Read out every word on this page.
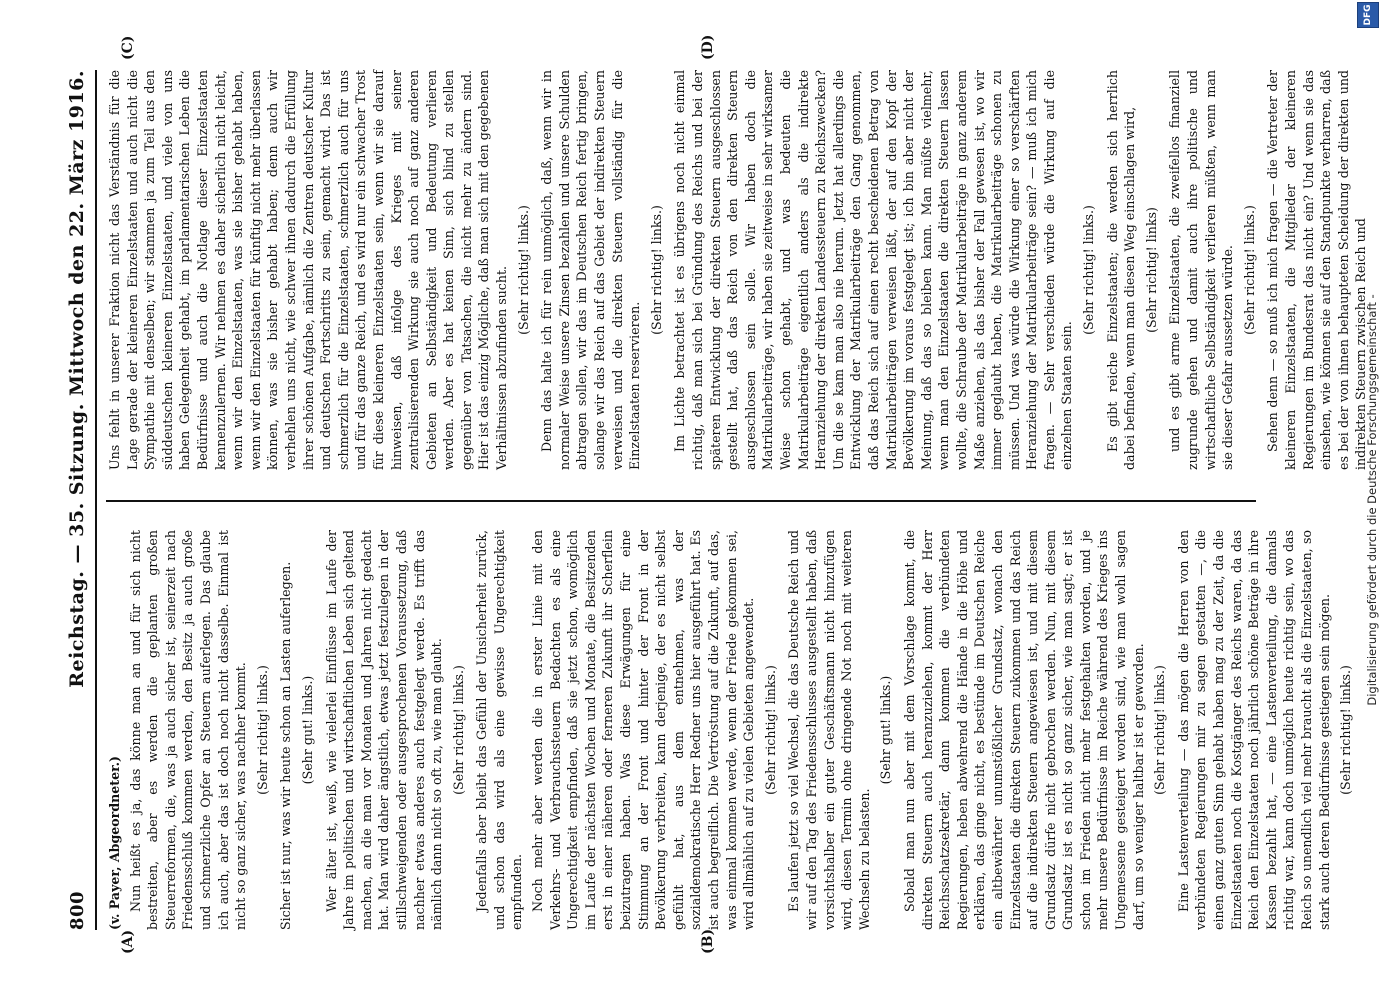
800
Reichstag. — 35. Sitzung. Mittwoch den 22. März 1916.
(A)	(B)
(C)	(D)

(v. Payer, Abgeordneter.) Nun heißt es ja, das könne man an und für sich nicht bestreiten, aber es werden die geplanten großen Steuerreformen, die, was ja auch sicher ist, seinerzeit nach Friedensschluß kommen werden, den Besitz ja auch große und schmerzliche Opfer an Steuern auferlegen. Das glaube ich auch, aber das ist doch noch nicht dasselbe. Einmal ist nicht so ganz sicher, was nachher kommt. (Sehr richtig! links.) Sicher ist nur, was wir heute schon an Lasten auferlegen. (Sehr gut! links.) Wer älter ist, weiß, wie vielerlei Einflüsse im Laufe der Jahre im politischen und wirtschaftlichen Leben sich geltend machen, an die man vor Monaten und Jahren nicht gedacht hat. Man wird daher ängstlich, etwas jetzt festzulegen in der stillschweigenden oder ausgesprochenen Voraussetzung, daß nachher etwas anderes auch festgelegt werde. Es trifft das nämlich dann nicht so oft zu, wie man glaubt. (Sehr richtig! links.) Jedenfalls aber bleibt das Gefühl der Unsicherheit zurück, und schon das wird als eine gewisse Ungerechtigkeit empfunden. Noch mehr aber werden die in erster Linie mit den Verkehrs- und Verbrauchssteuern Bedachten es als eine Ungerechtigkeit empfinden, daß sie jetzt schon, womöglich im Laufe der nächsten Wochen und Monate, die Besitzenden erst in einer näheren oder ferneren Zukunft ihr Scherflein beizutragen haben. Was diese Erwägungen für eine Stimmung an der Front und hinter der Front in der Bevölkerung verbreiten, kann derjenige, der es nicht selbst gefühlt hat, aus dem entnehmen, was der sozialdemokratische Herr Redner uns hier ausgeführt hat. Es ist auch begreiflich. Die Vertröstung auf die Zukunft, auf das, was einmal kommen werde, wenn der Friede gekommen sei, wird allmählich auf zu vielen Gebieten angewendet. (Sehr richtig! links.) Es laufen jetzt so viel Wechsel, die das Deutsche Reich und wir auf den Tag des Friedensschlusses ausgestellt haben, daß vorsichtshalber ein guter Geschäftsmann nicht hinzufügen wird, diesen Termin ohne dringende Not noch mit weiteren Wechseln zu belasten.

(Sehr gut! links.) Sobald man nun aber mit dem Vorschlage kommt, die direkten Steuern auch heranzuziehen, kommt der Herr Reichsschatzsekretär, dann kommen die verbündeten Regierungen, heben abwehrend die Hände in die Höhe und erklären, das ginge nicht, es bestünde im Deutschen Reiche ein altbewährter unumstößlicher Grundsatz, wonach den Einzelstaaten die direkten Steuern zukommen und das Reich auf die indirekten Steuern angewiesen ist, und mit diesem Grundsatz dürfe nicht gebrochen werden. Nun, mit diesem Grundsatz ist es nicht so ganz sicher, wie man sagt; er ist schon im Frieden nicht mehr festgehalten worden, und je mehr unsere Bedürfnisse im Reiche während des Krieges ins Ungemessene gesteigert worden sind, wie man wohl sagen darf, um so weniger haltbar ist er geworden. (Sehr richtig! links.) Eine Lastenverteilung — das mögen die Herren von den verbündeten Regierungen mir zu sagen gestatten —, die einen ganz guten Sinn gehabt haben mag zu der Zeit, da die Einzelstaaten noch die Kostgänger des Reichs waren, da das Reich den Einzelstaaten noch jährlich schöne Beträge in ihre Kassen bezahlt hat, — eine Lastenverteilung, die damals richtig war, kann doch unmöglich heute richtig sein, wo das Reich so unendlich viel mehr braucht als die Einzelstaaten, so stark auch deren Bedürfnisse gestiegen sein mögen. (Sehr richtig! links.)

Uns fehlt in unserer Fraktion nicht das Verständnis für die Lage gerade der kleineren Einzelstaaten und auch nicht die Sympathie mit denselben; wir stammen ja zum Teil aus den süddeutschen kleineren Einzelstaaten, und viele von uns haben Gelegenheit gehabt, im parlamentarischen Leben die Bedürfnisse und auch die Notlage dieser Einzelstaaten kennenzulernen. Wir nehmen es daher sicherlich nicht leicht, wenn wir den Einzelstaaten, was sie bisher gehabt haben, wenn wir den Einzelstaaten für künftig nicht mehr überlassen können, was sie bisher gehabt haben; denn auch wir verhehlen uns nicht, wie schwer ihnen dadurch die Erfüllung ihrer schönen Aufgabe, nämlich die Zentren deutscher Kultur und deutschen Fortschritts zu sein, gemacht wird. Das ist schmerzlich für die Einzelstaaten, schmerzlich auch für uns und für das ganze Reich, und es wird nur ein schwacher Trost für diese kleineren Einzelstaaten sein, wenn wir sie darauf hinweisen, daß infolge des Krieges mit seiner zentralisierenden Wirkung sie auch noch auf ganz anderen Gebieten an Selbständigkeit und Bedeutung verlieren werden. Aber es hat keinen Sinn, sich blind zu stellen gegenüber von Tatsachen, die nicht mehr zu ändern sind. Hier ist das einzig Mögliche, daß man sich mit den gegebenen Verhältnissen abzufinden sucht. (Sehr richtig! links.) Denn das halte ich für rein unmöglich, daß, wenn wir in normaler Weise unsere Zinsen bezahlen und unsere Schulden abtragen sollen, wir das im Deutschen Reich fertig bringen, solange wir das Reich auf das Gebiet der indirekten Steuern verweisen und die direkten Steuern vollständig für die Einzelstaaten reservieren.

(Sehr richtig! links.) Im Lichte betrachtet ist es übrigens noch nicht einmal richtig, daß man sich bei Gründung des Reichs und bei der späteren Entwicklung der direkten Steuern ausgeschlossen gestellt hat, daß das Reich von den direkten Steuern ausgeschlossen sein solle. Wir haben doch die Matrikularbeiträge, wir haben sie zeitweise in sehr wirksamer Weise schon gehabt, und was bedeuten die Matrikularbeiträge eigentlich anders als die indirekte Heranziehung der direkten Landessteuern zu Reichszwecken? Um die se kam man also nie herum. Jetzt hat allerdings die Entwicklung der Matrikularbeiträge den Gang genommen, daß das Reich sich auf einen recht bescheidenen Betrag von Matrikularbeiträgen verweisen läßt, der auf den Kopf der Bevölkerung im voraus festgelegt ist; ich bin aber nicht der Meinung, daß das so bleiben kann. Man müßte vielmehr, wenn man den Einzelstaaten die direkten Steuern lassen wollte, die Schraube der Matrikularbeiträge in ganz anderem Maße anziehen, als das bisher der Fall gewesen ist, wo wir immer geglaubt haben, die Matrikularbeiträge schonen zu müssen. Und was würde die Wirkung einer so verschärften Heranziehung der Matrikularbeiträge sein? — muß ich mich fragen. — Sehr verschieden würde die Wirkung auf die einzelnen Staaten sein.

(Sehr richtig! links.) Es gibt reiche Einzelstaaten; die werden sich herrlich dabei befinden, wenn man diesen Weg einschlagen wird, (Sehr richtig! links) und es gibt arme Einzelstaaten, die zweifellos finanziell zugrunde gehen und damit auch ihre politische und wirtschaftliche Selbständigkeit verlieren müßten, wenn man sie dieser Gefahr aussetzen würde. (Sehr richtig! links.) Sehen denn — so muß ich mich fragen — die Vertreter der kleineren Einzelstaaten, die Mitglieder der kleineren Regierungen im Bundesrat das nicht ein? Und wenn sie das einsehen, wie können sie auf den Standpunkte verharren, daß es bei der von ihnen behaupteten Scheidung der direkten und indirekten Steuern zwischen Reich und

Digitalisierung gefördert durch die Deutsche Forschungsgemeinschaft -
DFG
